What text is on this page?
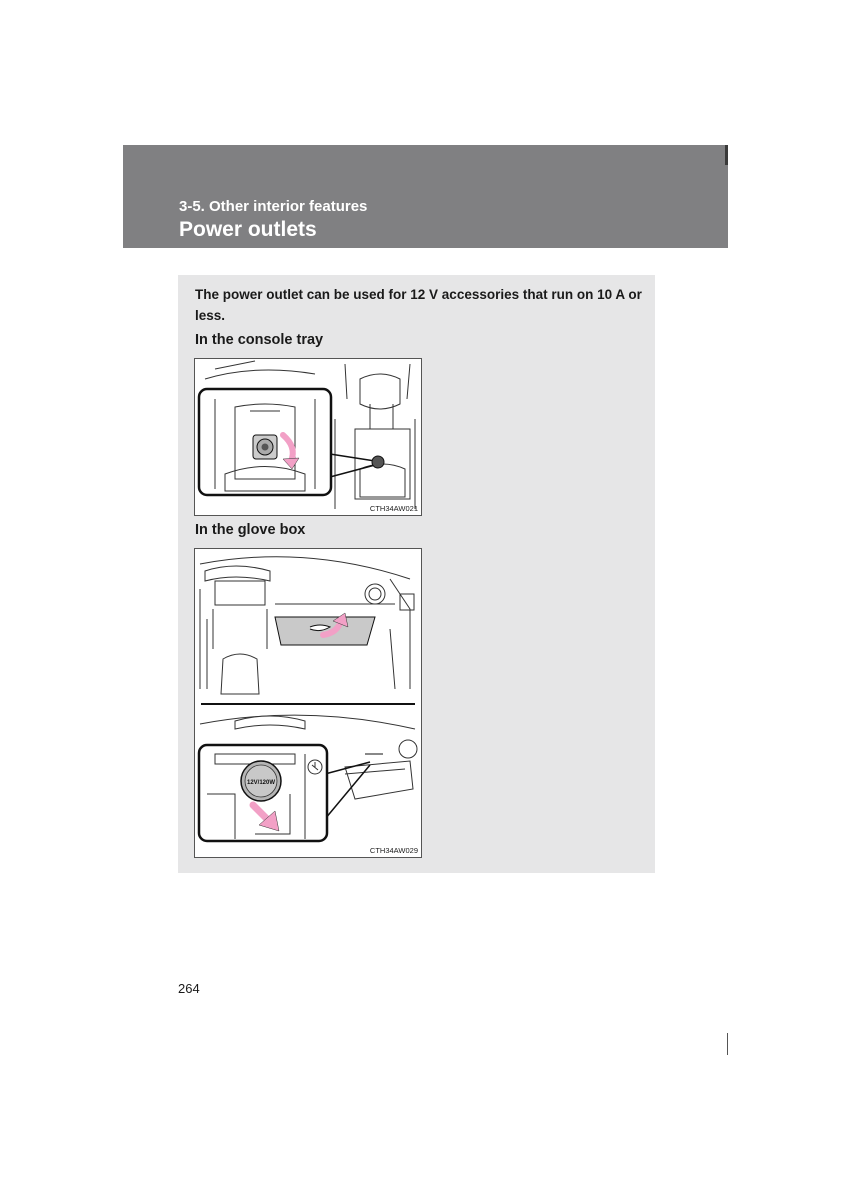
3-5. Other interior features
Power outlets
The power outlet can be used for 12 V accessories that run on 10 A or less.
In the console tray
CTH34AW021
In the glove box
12V/120W
CTH34AW029
264
